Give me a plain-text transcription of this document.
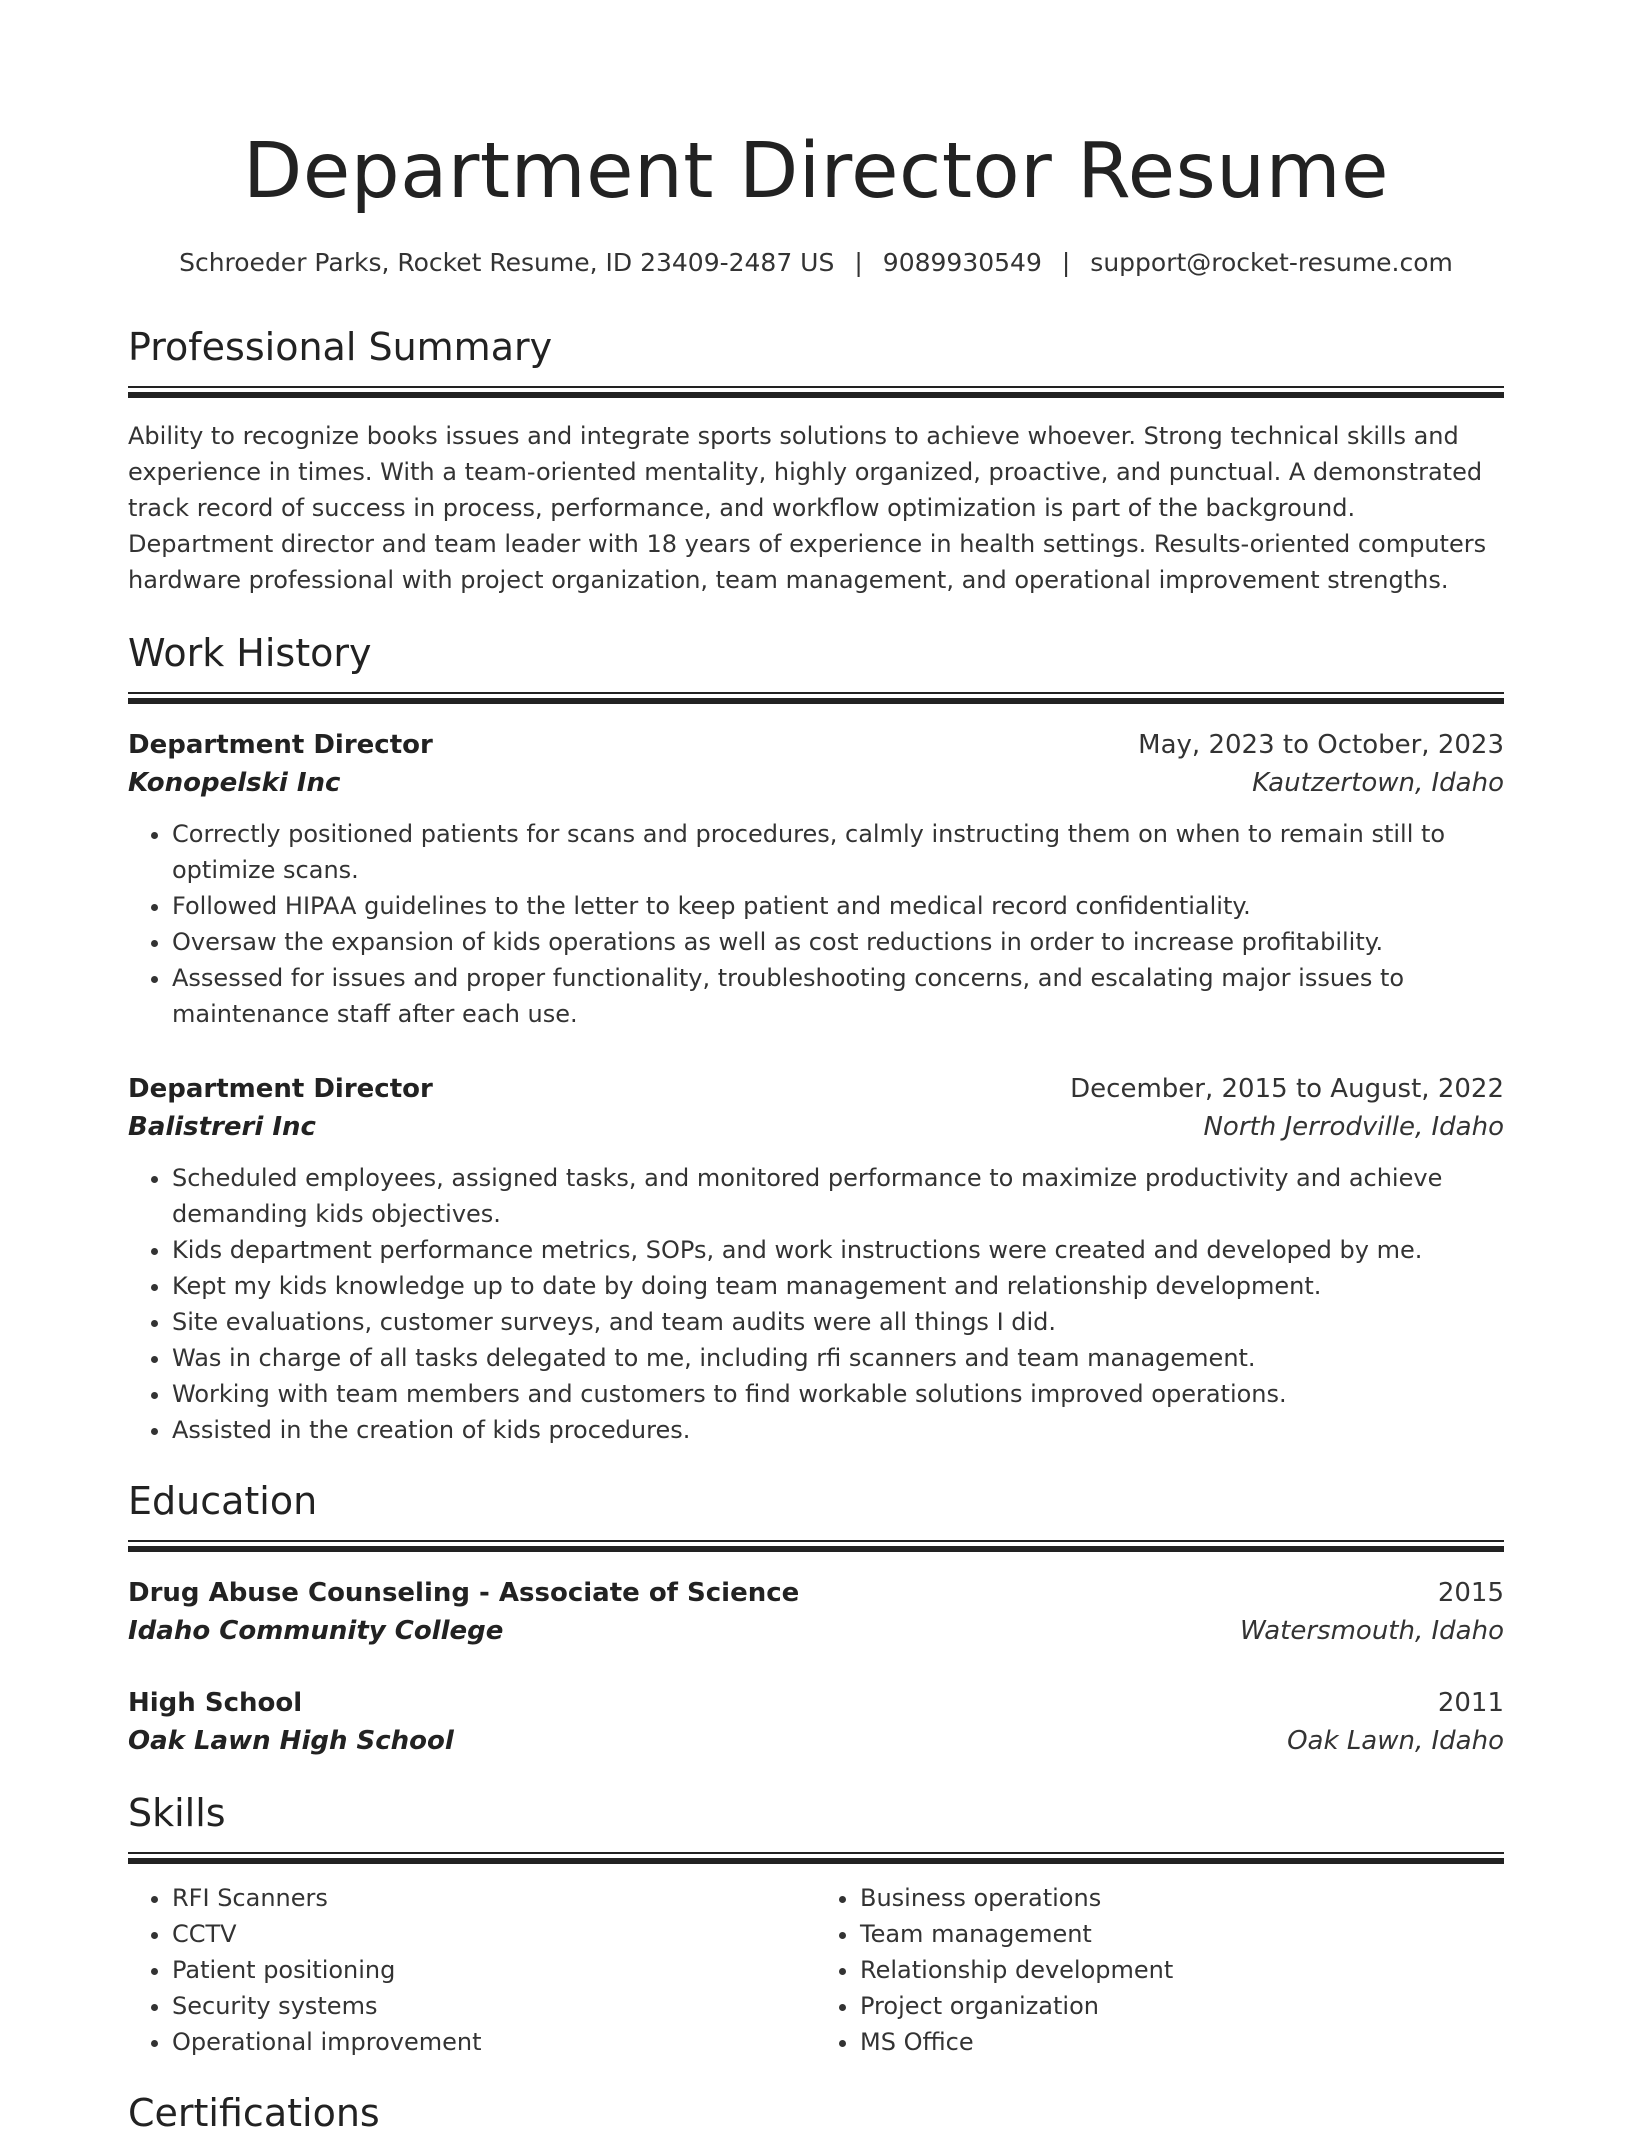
Department Director Resume
Schroeder Parks, Rocket Resume, ID 23409-2487 US | 9089930549 | support@rocket-resume.com
Professional Summary

Ability to recognize books issues and integrate sports solutions to achieve whoever. Strong technical skills and experience in times. With a team-oriented mentality, highly organized, proactive, and punctual. A demonstrated track record of success in process, performance, and workflow optimization is part of the background. Department director and team leader with 18 years of experience in health settings. Results-oriented computers hardware professional with project organization, team management, and operational improvement strengths.

Work History
Department Director	May, 2023 to October, 2023
Konopelski Inc	Kautzertown, Idaho
• Correctly positioned patients for scans and procedures, calmly instructing them on when to remain still to optimize scans.
• Followed HIPAA guidelines to the letter to keep patient and medical record confidentiality.
• Oversaw the expansion of kids operations as well as cost reductions in order to increase profitability.
• Assessed for issues and proper functionality, troubleshooting concerns, and escalating major issues to maintenance staff after each use.
Department Director	December, 2015 to August, 2022
Balistreri Inc	North Jerrodville, Idaho
• Scheduled employees, assigned tasks, and monitored performance to maximize productivity and achieve demanding kids objectives.
• Kids department performance metrics, SOPs, and work instructions were created and developed by me.
• Kept my kids knowledge up to date by doing team management and relationship development.
• Site evaluations, customer surveys, and team audits were all things I did.
• Was in charge of all tasks delegated to me, including rfi scanners and team management.
• Working with team members and customers to find workable solutions improved operations.
• Assisted in the creation of kids procedures.
Education
Drug Abuse Counseling - Associate of Science	2015
Idaho Community College	Watersmouth, Idaho
High School	2011
Oak Lawn High School	Oak Lawn, Idaho
Skills
• RFI Scanners
• CCTV
• Patient positioning
• Security systems
• Operational improvement
• Business operations
• Team management
• Relationship development
• Project organization
• MS Office
Certifications
